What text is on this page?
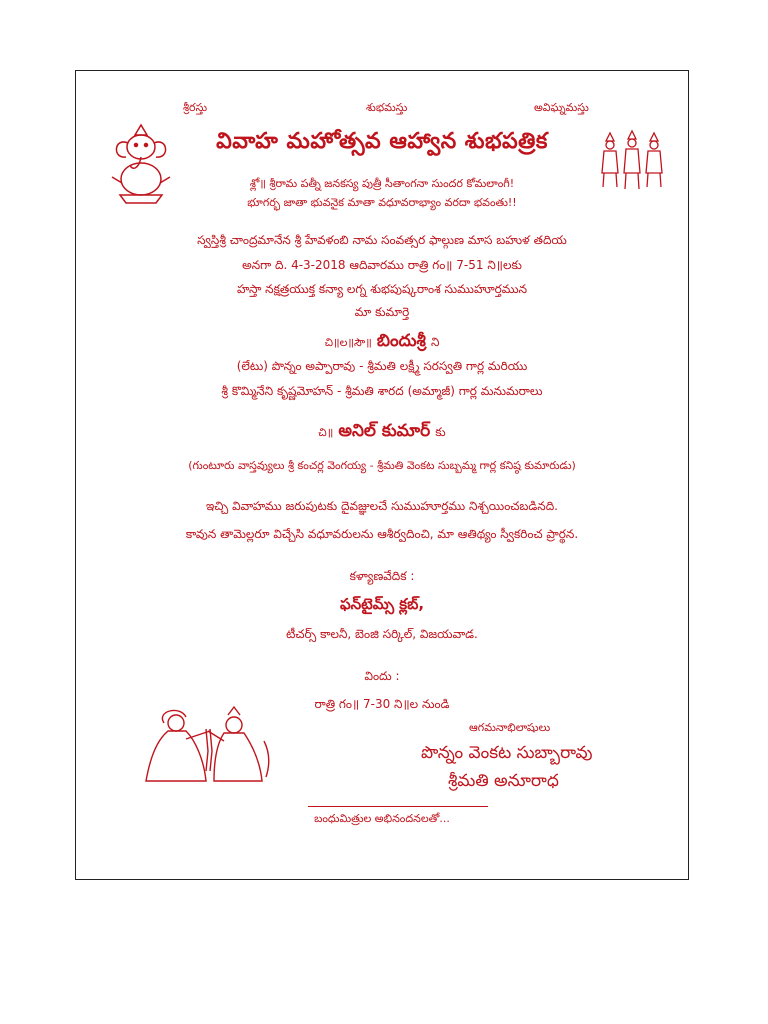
శ్రీరస్తు	శుభమస్తు	అవిఘ్నమస్తు
వివాహ మహోత్సవ ఆహ్వాన శుభపత్రిక
శ్లో॥ శ్రీరామ పత్నీ జనకస్య పుత్రీ సీతాంగనా సుందర కోమలాంగీ!
భూగర్భ జాతా భువనైక మాతా వధూవరాభ్యాం వరదా భవంతు!!
స్వస్తిశ్రీ చాంద్రమానేన శ్రీ హేవళంబి నామ సంవత్సర ఫాల్గుణ మాస బహుళ తదియ
అనగా ది. 4-3-2018 ఆదివారము రాత్రి గం॥ 7-51 ని॥లకు
హస్తా నక్షత్రయుక్త కన్యా లగ్న శుభపుష్కరాంశ సుముహూర్తమున
మా కుమార్తె
చి॥ల॥సౌ॥ బిందుశ్రీ ని
(లేటు) పొన్నం అప్పారావు - శ్రీమతి లక్ష్మీ సరస్వతి గార్ల మరియు
శ్రీ కొమ్మినేని కృష్ణమోహన్ - శ్రీమతి శారద (అమ్మాజీ) గార్ల మనుమరాలు
చి॥ అనిల్ కుమార్ కు
(గుంటూరు వాస్తవ్యులు శ్రీ కంచర్ల వెంగయ్య - శ్రీమతి వెంకట సుబ్బమ్మ గార్ల కనిష్ఠ కుమారుడు)
ఇచ్చి వివాహము జరుపుటకు దైవజ్ఞులచే సుముహూర్తము నిశ్చయించబడినది.
కావున తామెల్లరూ విచ్చేసి వధూవరులను ఆశీర్వదించి, మా ఆతిథ్యం స్వీకరించ ప్రార్థన.
కళ్యాణవేదిక :
ఫన్‌టైమ్స్ క్లబ్,
టీచర్స్ కాలనీ, బెంజి సర్కిల్, విజయవాడ.
విందు :
రాత్రి గం॥ 7-30 ని॥ల నుండి
ఆగమనాభిలాషులు
పొన్నం వెంకట సుబ్బారావు
శ్రీమతి అనూరాధ
బంధుమిత్రుల అభినందనలతో...
